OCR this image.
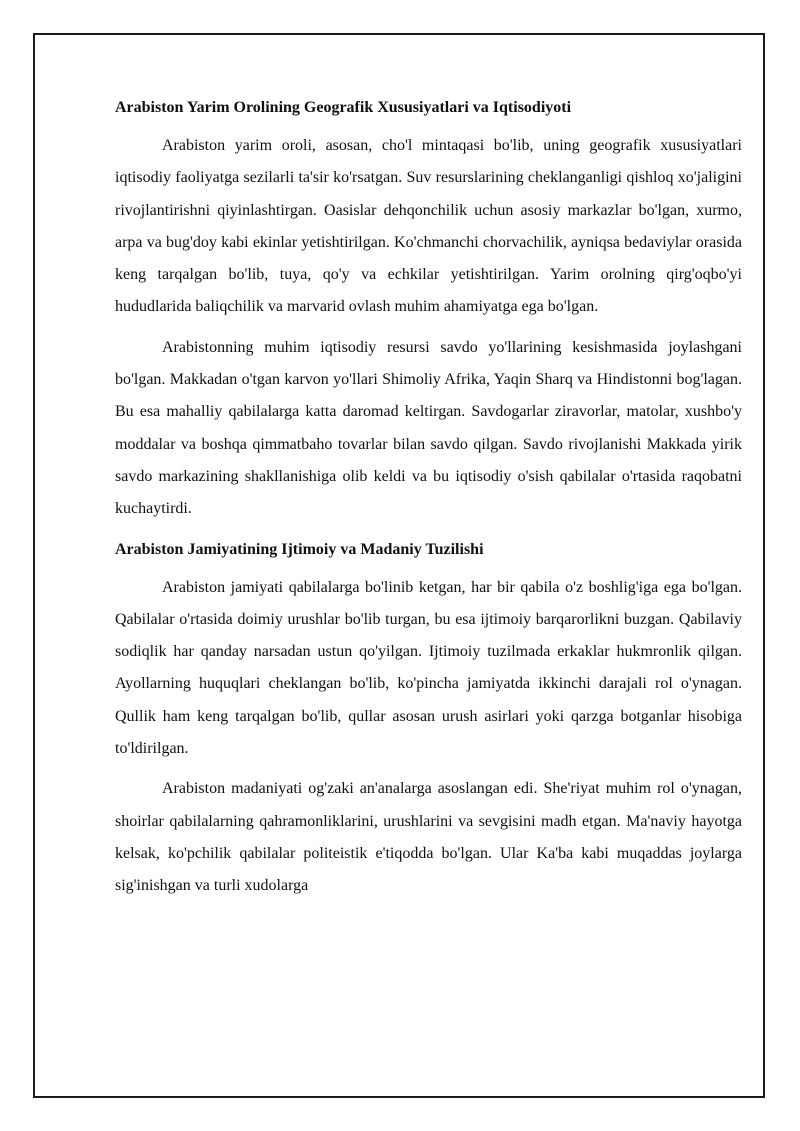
Arabiston Yarim Orolining Geografik Xususiyatlari va Iqtisodiyoti

Arabiston yarim oroli, asosan, cho'l mintaqasi bo'lib, uning geografik xususiyatlari iqtisodiy faoliyatga sezilarli ta'sir ko'rsatgan. Suv resurslarining cheklanganligi qishloq xo'jaligini rivojlantirishni qiyinlashtirgan. Oasislar dehqonchilik uchun asosiy markazlar bo'lgan, xurmo, arpa va bug'doy kabi ekinlar yetishtirilgan. Ko'chmanchi chorvachilik, ayniqsa bedaviylar orasida keng tarqalgan bo'lib, tuya, qo'y va echkilar yetishtirilgan. Yarim orolning qirg'oqbo'yi hududlarida baliqchilik va marvarid ovlash muhim ahamiyatga ega bo'lgan.

Arabistonning muhim iqtisodiy resursi savdo yo'llarining kesishmasida joylashgani bo'lgan. Makkadan o'tgan karvon yo'llari Shimoliy Afrika, Yaqin Sharq va Hindistonni bog'lagan. Bu esa mahalliy qabilalarga katta daromad keltirgan. Savdogarlar ziravorlar, matolar, xushbo'y moddalar va boshqa qimmatbaho tovarlar bilan savdo qilgan. Savdo rivojlanishi Makkada yirik savdo markazining shakllanishiga olib keldi va bu iqtisodiy o'sish qabilalar o'rtasida raqobatni kuchaytirdi.

Arabiston Jamiyatining Ijtimoiy va Madaniy Tuzilishi

Arabiston jamiyati qabilalarga bo'linib ketgan, har bir qabila o'z boshlig'iga ega bo'lgan. Qabilalar o'rtasida doimiy urushlar bo'lib turgan, bu esa ijtimoiy barqarorlikni buzgan. Qabilaviy sodiqlik har qanday narsadan ustun qo'yilgan. Ijtimoiy tuzilmada erkaklar hukmronlik qilgan. Ayollarning huquqlari cheklangan bo'lib, ko'pincha jamiyatda ikkinchi darajali rol o'ynagan. Qullik ham keng tarqalgan bo'lib, qullar asosan urush asirlari yoki qarzga botganlar hisobiga to'ldirilgan.

Arabiston madaniyati og'zaki an'analarga asoslangan edi. She'riyat muhim rol o'ynagan, shoirlar qabilalarning qahramonliklarini, urushlarini va sevgisini madh etgan. Ma'naviy hayotga kelsak, ko'pchilik qabilalar politeistik e'tiqodda bo'lgan. Ular Ka'ba kabi muqaddas joylarga sig'inishgan va turli xudolarga
